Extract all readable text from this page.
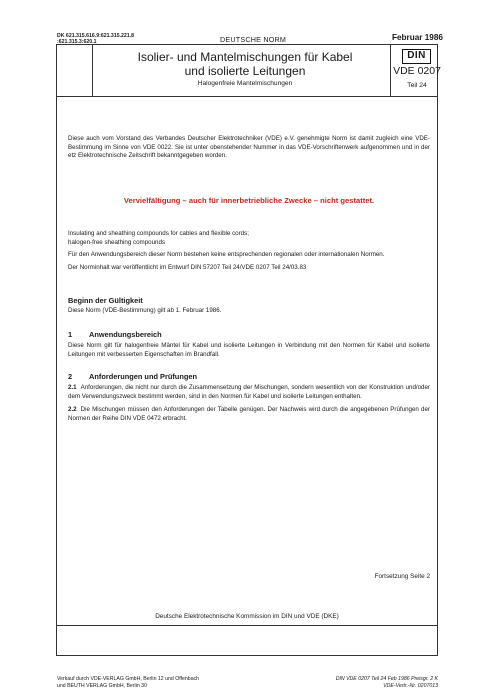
DK 621.315.616.9:621.315.221.8
:621.315.3:620.1	DEUTSCHE NORM	Februar 1986
Isolier- und Mantelmischungen für Kabel
und isolierte Leitungen
Halogenfreie Mantelmischungen
DIN
VDE 0207
Teil 24
Diese auch vom Vorstand des Verbandes Deutscher Elektrotechniker (VDE) e.V. genehmigte Norm ist damit zugleich eine VDE-Bestimmung im Sinne von VDE 0022. Sie ist unter obenstehender Nummer in das VDE-Vorschriftenwerk aufgenommen und in der etz Elektrotechnische Zeitschrift bekanntgegeben worden.
Vervielfältigung – auch für innerbetriebliche Zwecke – nicht gestattet.
Insulating and sheathing compounds for cables and flexible cords;
halogen-free sheathing compounds
Für den Anwendungsbereich dieser Norm bestehen keine entsprechenden regionalen oder internationalen Normen.
Der Norminhalt war veröffentlicht im Entwurf DIN 57207 Teil 24/VDE 0207 Teil 24/03.83
Beginn der Gültigkeit
Diese Norm (VDE-Bestimmung) gilt ab 1. Februar 1986.
1 Anwendungsbereich
Diese Norm gilt für halogenfreie Mäntel für Kabel und isolierte Leitungen in Verbindung mit den Normen für Kabel und isolierte Leitungen mit verbesserten Eigenschaften im Brandfall.
2 Anforderungen und Prüfungen
2.1 Anforderungen, die nicht nur durch die Zusammensetzung der Mischungen, sondern wesentlich von der Konstruktion und/oder dem Verwendungszweck bestimmt werden, sind in den Normen für Kabel und isolierte Leitungen enthalten.
2.2 Die Mischungen müssen den Anforderungen der Tabelle genügen. Der Nachweis wird durch die angegebenen Prüfungen der Normen der Reihe DIN VDE 0472 erbracht.
Fortsetzung Seite 2
Deutsche Elektrotechnische Kommission im DIN und VDE (DKE)
Verkauf durch VDE-VERLAG GmbH, Berlin 12 und Offenbach
und BEUTH VERLAG GmbH, Berlin 30
DIN VDE 0207 Teil 24 Feb 1986 Preisgr. 2 K
VDE-Vertr.-Nr. 0207013
